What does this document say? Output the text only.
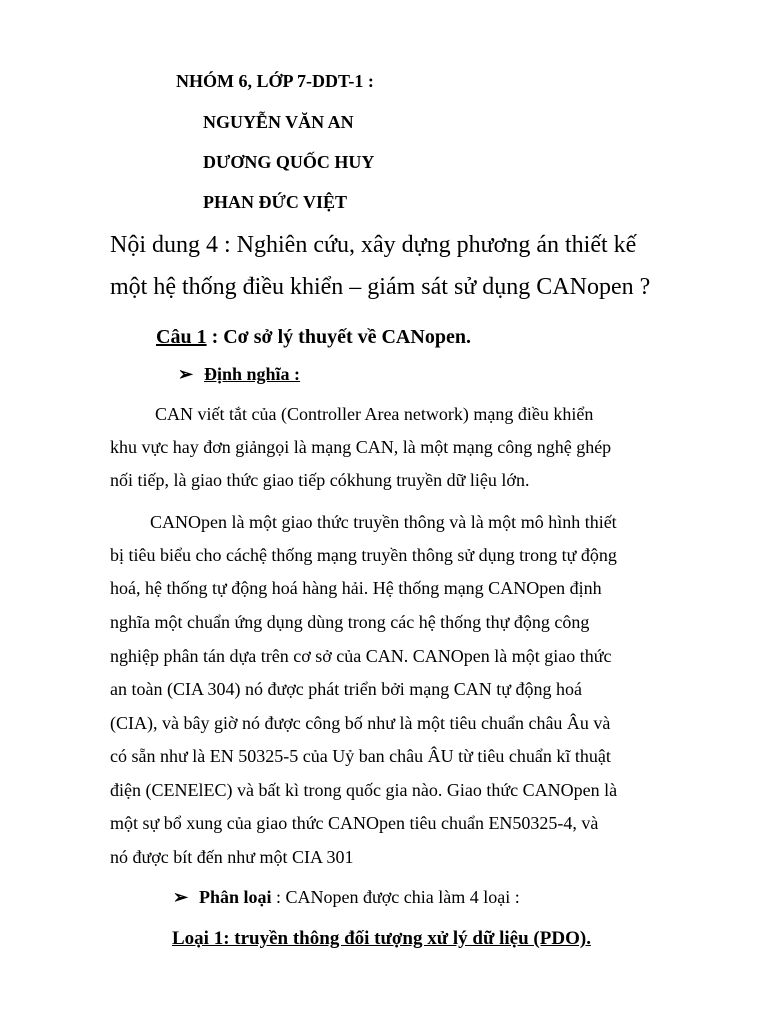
NHÓM 6, LỚP 7-DDT-1 :

NGUYỄN VĂN AN

DƯƠNG QUỐC HUY

PHAN ĐỨC VIỆT

Nội dung 4 : Nghiên cứu, xây dựng phương án thiết kế

một hệ thống điều khiển – giám sát sử dụng CANopen ?

Câu 1 : Cơ sở lý thuyết về CANopen.

➢ Định nghĩa :

CAN viết tắt của (Controller Area network) mạng điều khiển

khu vực hay đơn giảngọi là mạng CAN, là một mạng công nghệ ghép

nối tiếp, là giao thức giao tiếp cókhung truyền dữ liệu lớn.

CANOpen là một giao thức truyền thông và là một mô hình thiết

bị tiêu biểu cho cáchệ thống mạng truyền thông sử dụng trong tự động

hoá, hệ thống tự động hoá hàng hải. Hệ thống mạng CANOpen định

nghĩa một chuẩn ứng dụng dùng trong các hệ thống thự động công

nghiệp phân tán dựa trên cơ sở của CAN. CANOpen là một giao thức

an toàn (CIA 304) nó được phát triển bởi mạng CAN tự động hoá

(CIA), và bây giờ nó được công bố như là một tiêu chuẩn châu Âu và

có sẵn như là EN 50325-5 của Uỷ ban châu ÂU từ tiêu chuẩn kĩ thuật

điện (CENElEC) và bất kì trong quốc gia nào. Giao thức CANOpen là

một sự bổ xung của giao thức CANOpen tiêu chuẩn EN50325-4, và

nó được bít đến như một CIA 301

➢ Phân loại : CANopen được chia làm 4 loại :

Loại 1: truyền thông đối tượng xử lý dữ liệu (PDO).
